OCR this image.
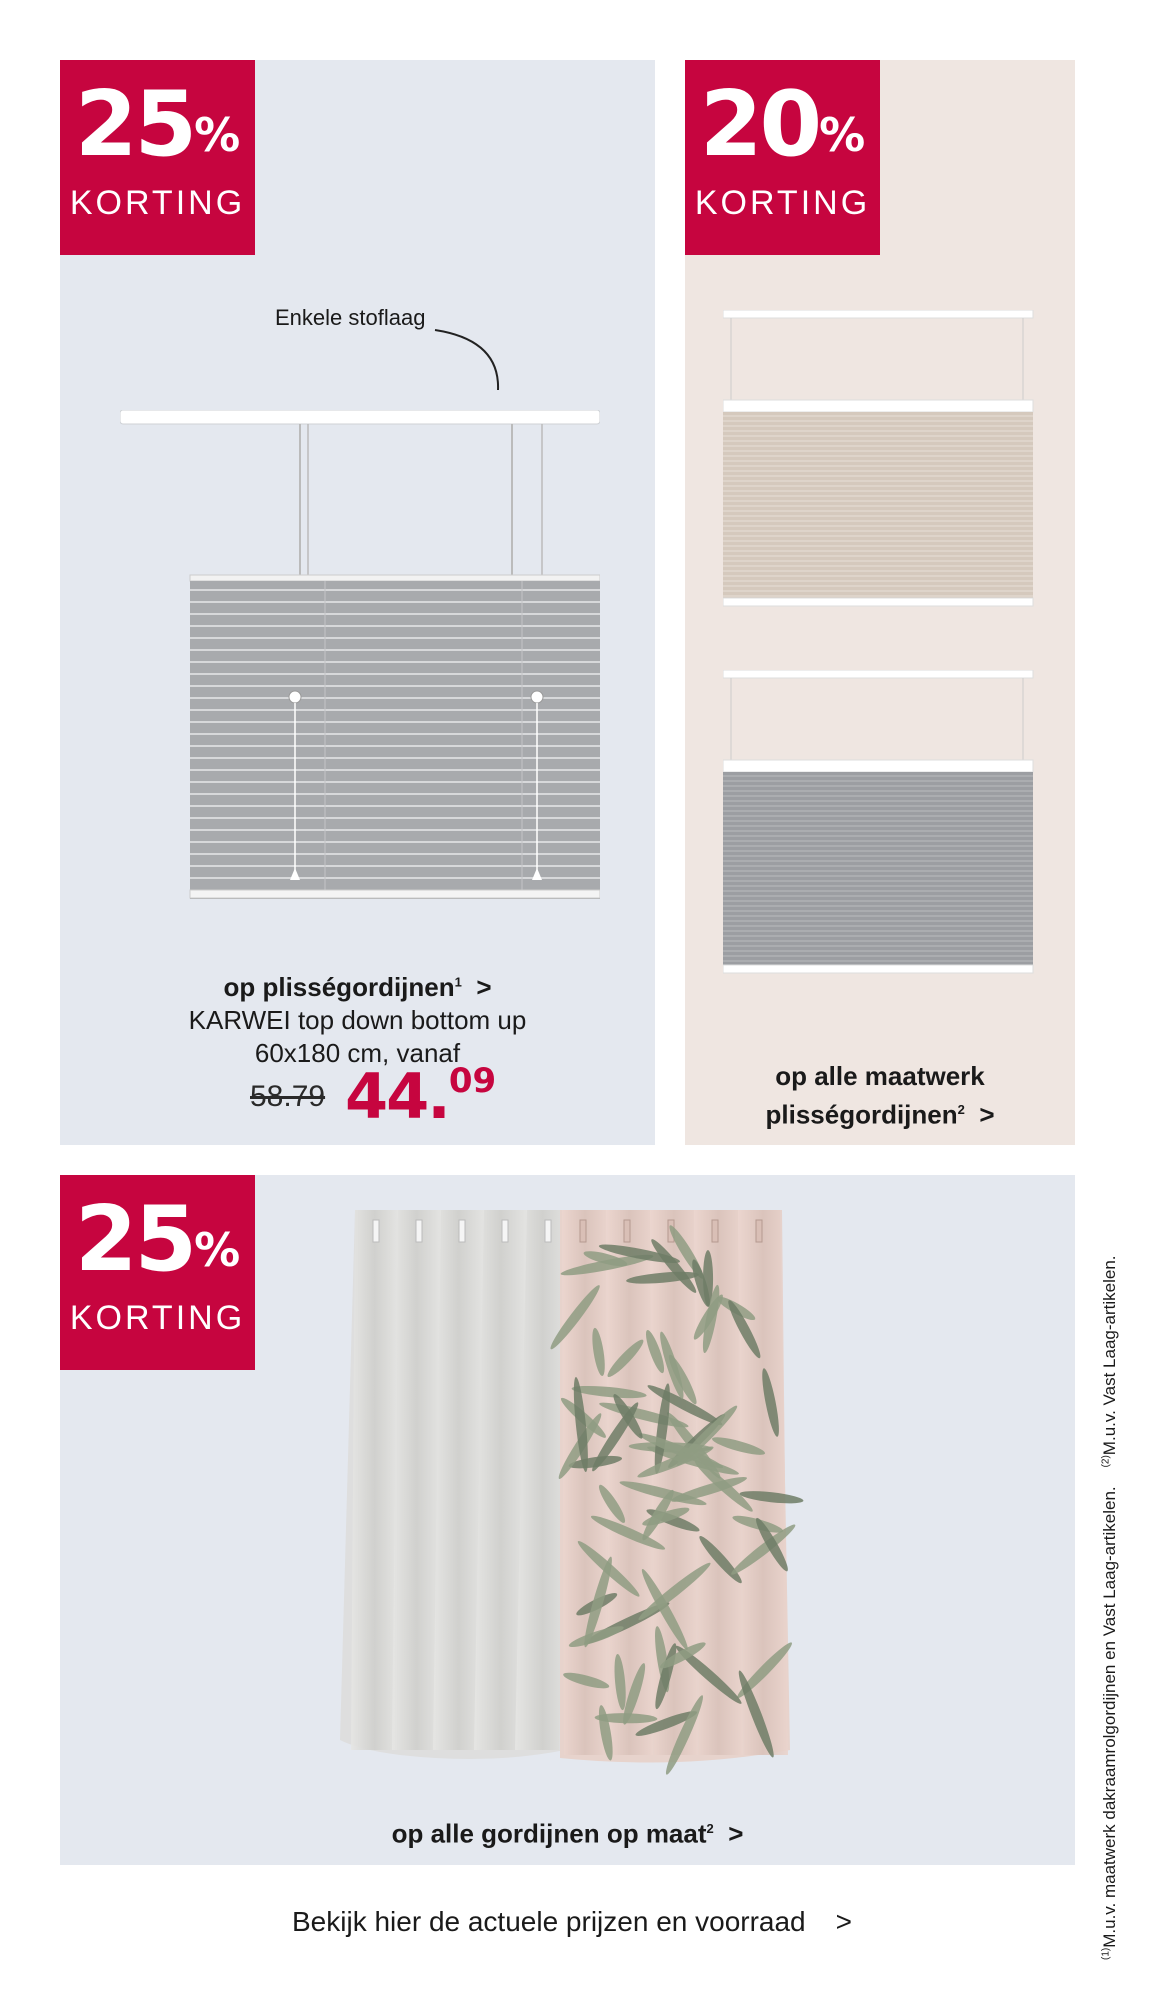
25%
KORTING
Enkele stoflaag
op plisségordijnen$^1$ >
KARWEI top down bottom up
60x180 cm, vanaf
58.79 44.09
20%
KORTING
op alle maatwerk
plisségordijnen$^2$ >
25%
KORTING
op alle gordijnen op maat$^2$ >
$^{(1)}$M.u.v. maatwerk dakraamrolgordijnen en Vast Laag-artikelen.    $^{(2)}$M.u.v. Vast Laag-artikelen.
Bekijk hier de actuele prijzen en voorraad >
